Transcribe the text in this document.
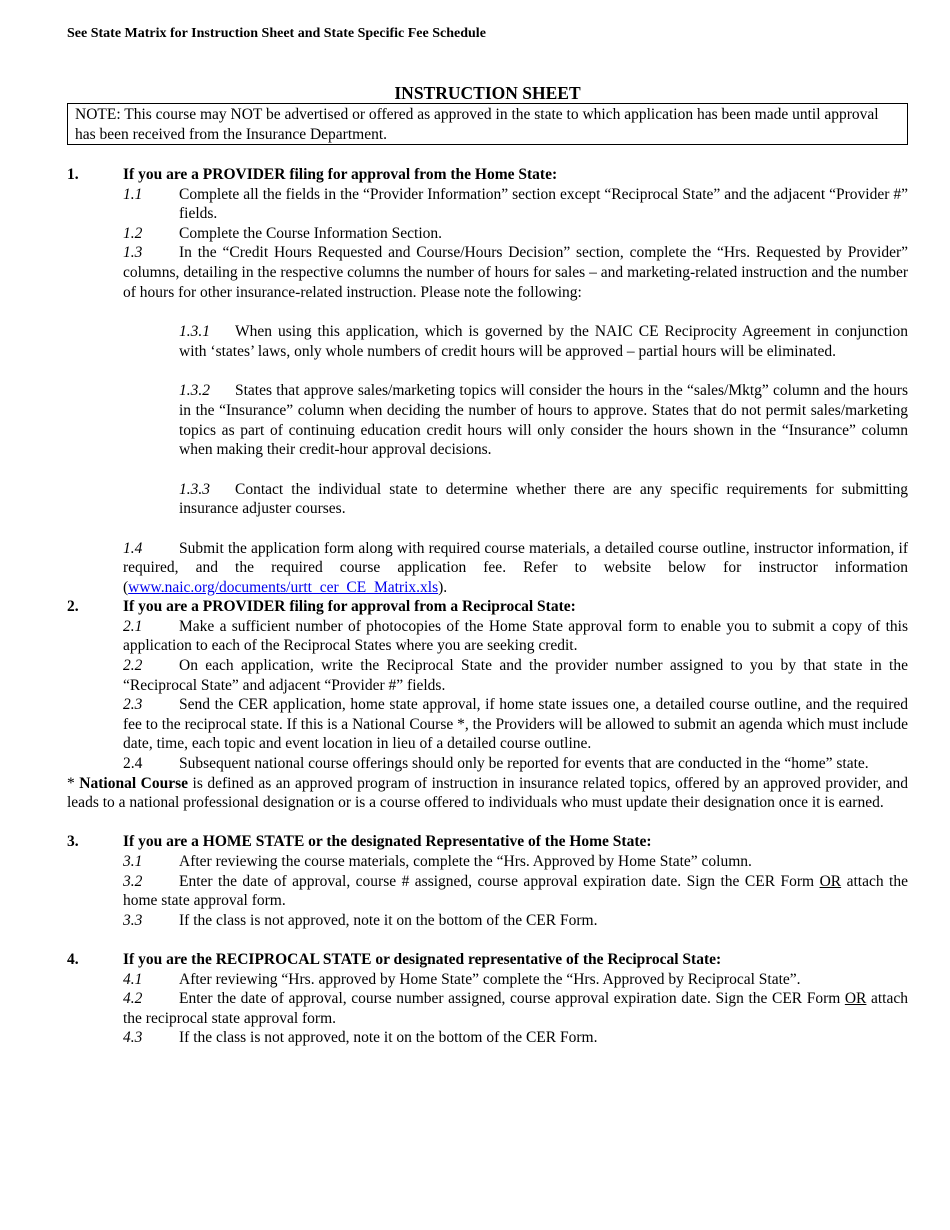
See State Matrix for Instruction Sheet and State Specific Fee Schedule
INSTRUCTION SHEET
NOTE: This course may NOT be advertised or offered as approved in the state to which application has been made until approval has been received from the Insurance Department.
1.	If you are a PROVIDER filing for approval from the Home State:
1.1	Complete all the fields in the “Provider Information” section except “Reciprocal State” and the adjacent “Provider #” fields.
1.2 Complete the Course Information Section.
1.3 In the “Credit Hours Requested and Course/Hours Decision” section, complete the “Hrs. Requested by Provider” columns, detailing in the respective columns the number of hours for sales – and marketing-related instruction and the number of hours for other insurance-related instruction. Please note the following:
1.3.1 When using this application, which is governed by the NAIC CE Reciprocity Agreement in conjunction with ‘states’ laws, only whole numbers of credit hours will be approved – partial hours will be eliminated.
1.3.2 States that approve sales/marketing topics will consider the hours in the “sales/Mktg” column and the hours in the “Insurance” column when deciding the number of hours to approve. States that do not permit sales/marketing topics as part of continuing education credit hours will only consider the hours shown in the “Insurance” column when making their credit-hour approval decisions.
1.3.3 Contact the individual state to determine whether there are any specific requirements for submitting insurance adjuster courses.
1.4 Submit the application form along with required course materials, a detailed course outline, instructor information, if required, and the required course application fee. Refer to website below for instructor information (www.naic.org/documents/urtt_cer_CE_Matrix.xls).
2.	If you are a PROVIDER filing for approval from a Reciprocal State:
2.1 Make a sufficient number of photocopies of the Home State approval form to enable you to submit a copy of this application to each of the Reciprocal States where you are seeking credit.
2.2 On each application, write the Reciprocal State and the provider number assigned to you by that state in the “Reciprocal State” and adjacent “Provider #” fields.
2.3 Send the CER application, home state approval, if home state issues one, a detailed course outline, and the required fee to the reciprocal state. If this is a National Course *, the Providers will be allowed to submit an agenda which must include date, time, each topic and event location in lieu of a detailed course outline.
2.4 Subsequent national course offerings should only be reported for events that are conducted in the “home” state.
* National Course is defined as an approved program of instruction in insurance related topics, offered by an approved provider, and leads to a national professional designation or is a course offered to individuals who must update their designation once it is earned.
3.	If you are a HOME STATE or the designated Representative of the Home State:
3.1 After reviewing the course materials, complete the “Hrs. Approved by Home State” column.
3.2 Enter the date of approval, course # assigned, course approval expiration date. Sign the CER Form OR attach the home state approval form.
3.3 If the class is not approved, note it on the bottom of the CER Form.
4.	If you are the RECIPROCAL STATE or designated representative of the Reciprocal State:
4.1 After reviewing “Hrs. approved by Home State” complete the “Hrs. Approved by Reciprocal State”.
4.2 Enter the date of approval, course number assigned, course approval expiration date. Sign the CER Form OR attach the reciprocal state approval form.
4.3 If the class is not approved, note it on the bottom of the CER Form.
